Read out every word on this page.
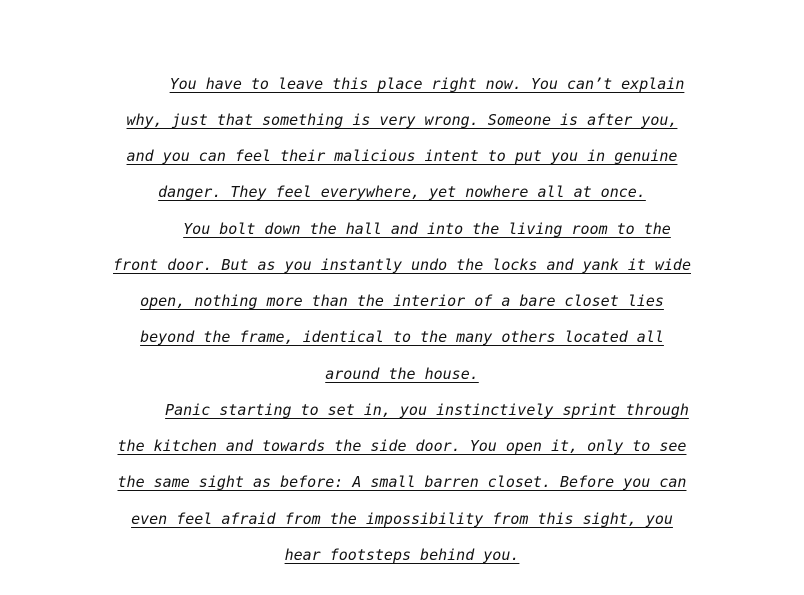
You have to leave this place right now. You can’t explain
why, just that something is very wrong. Someone is after you,
and you can feel their malicious intent to put you in genuine
danger. They feel everywhere, yet nowhere all at once.
You bolt down the hall and into the living room to the
front door. But as you instantly undo the locks and yank it wide
open, nothing more than the interior of a bare closet lies
beyond the frame, identical to the many others located all
around the house.
Panic starting to set in, you instinctively sprint through
the kitchen and towards the side door. You open it, only to see
the same sight as before: A small barren closet. Before you can
even feel afraid from the impossibility from this sight, you
hear footsteps behind you.
